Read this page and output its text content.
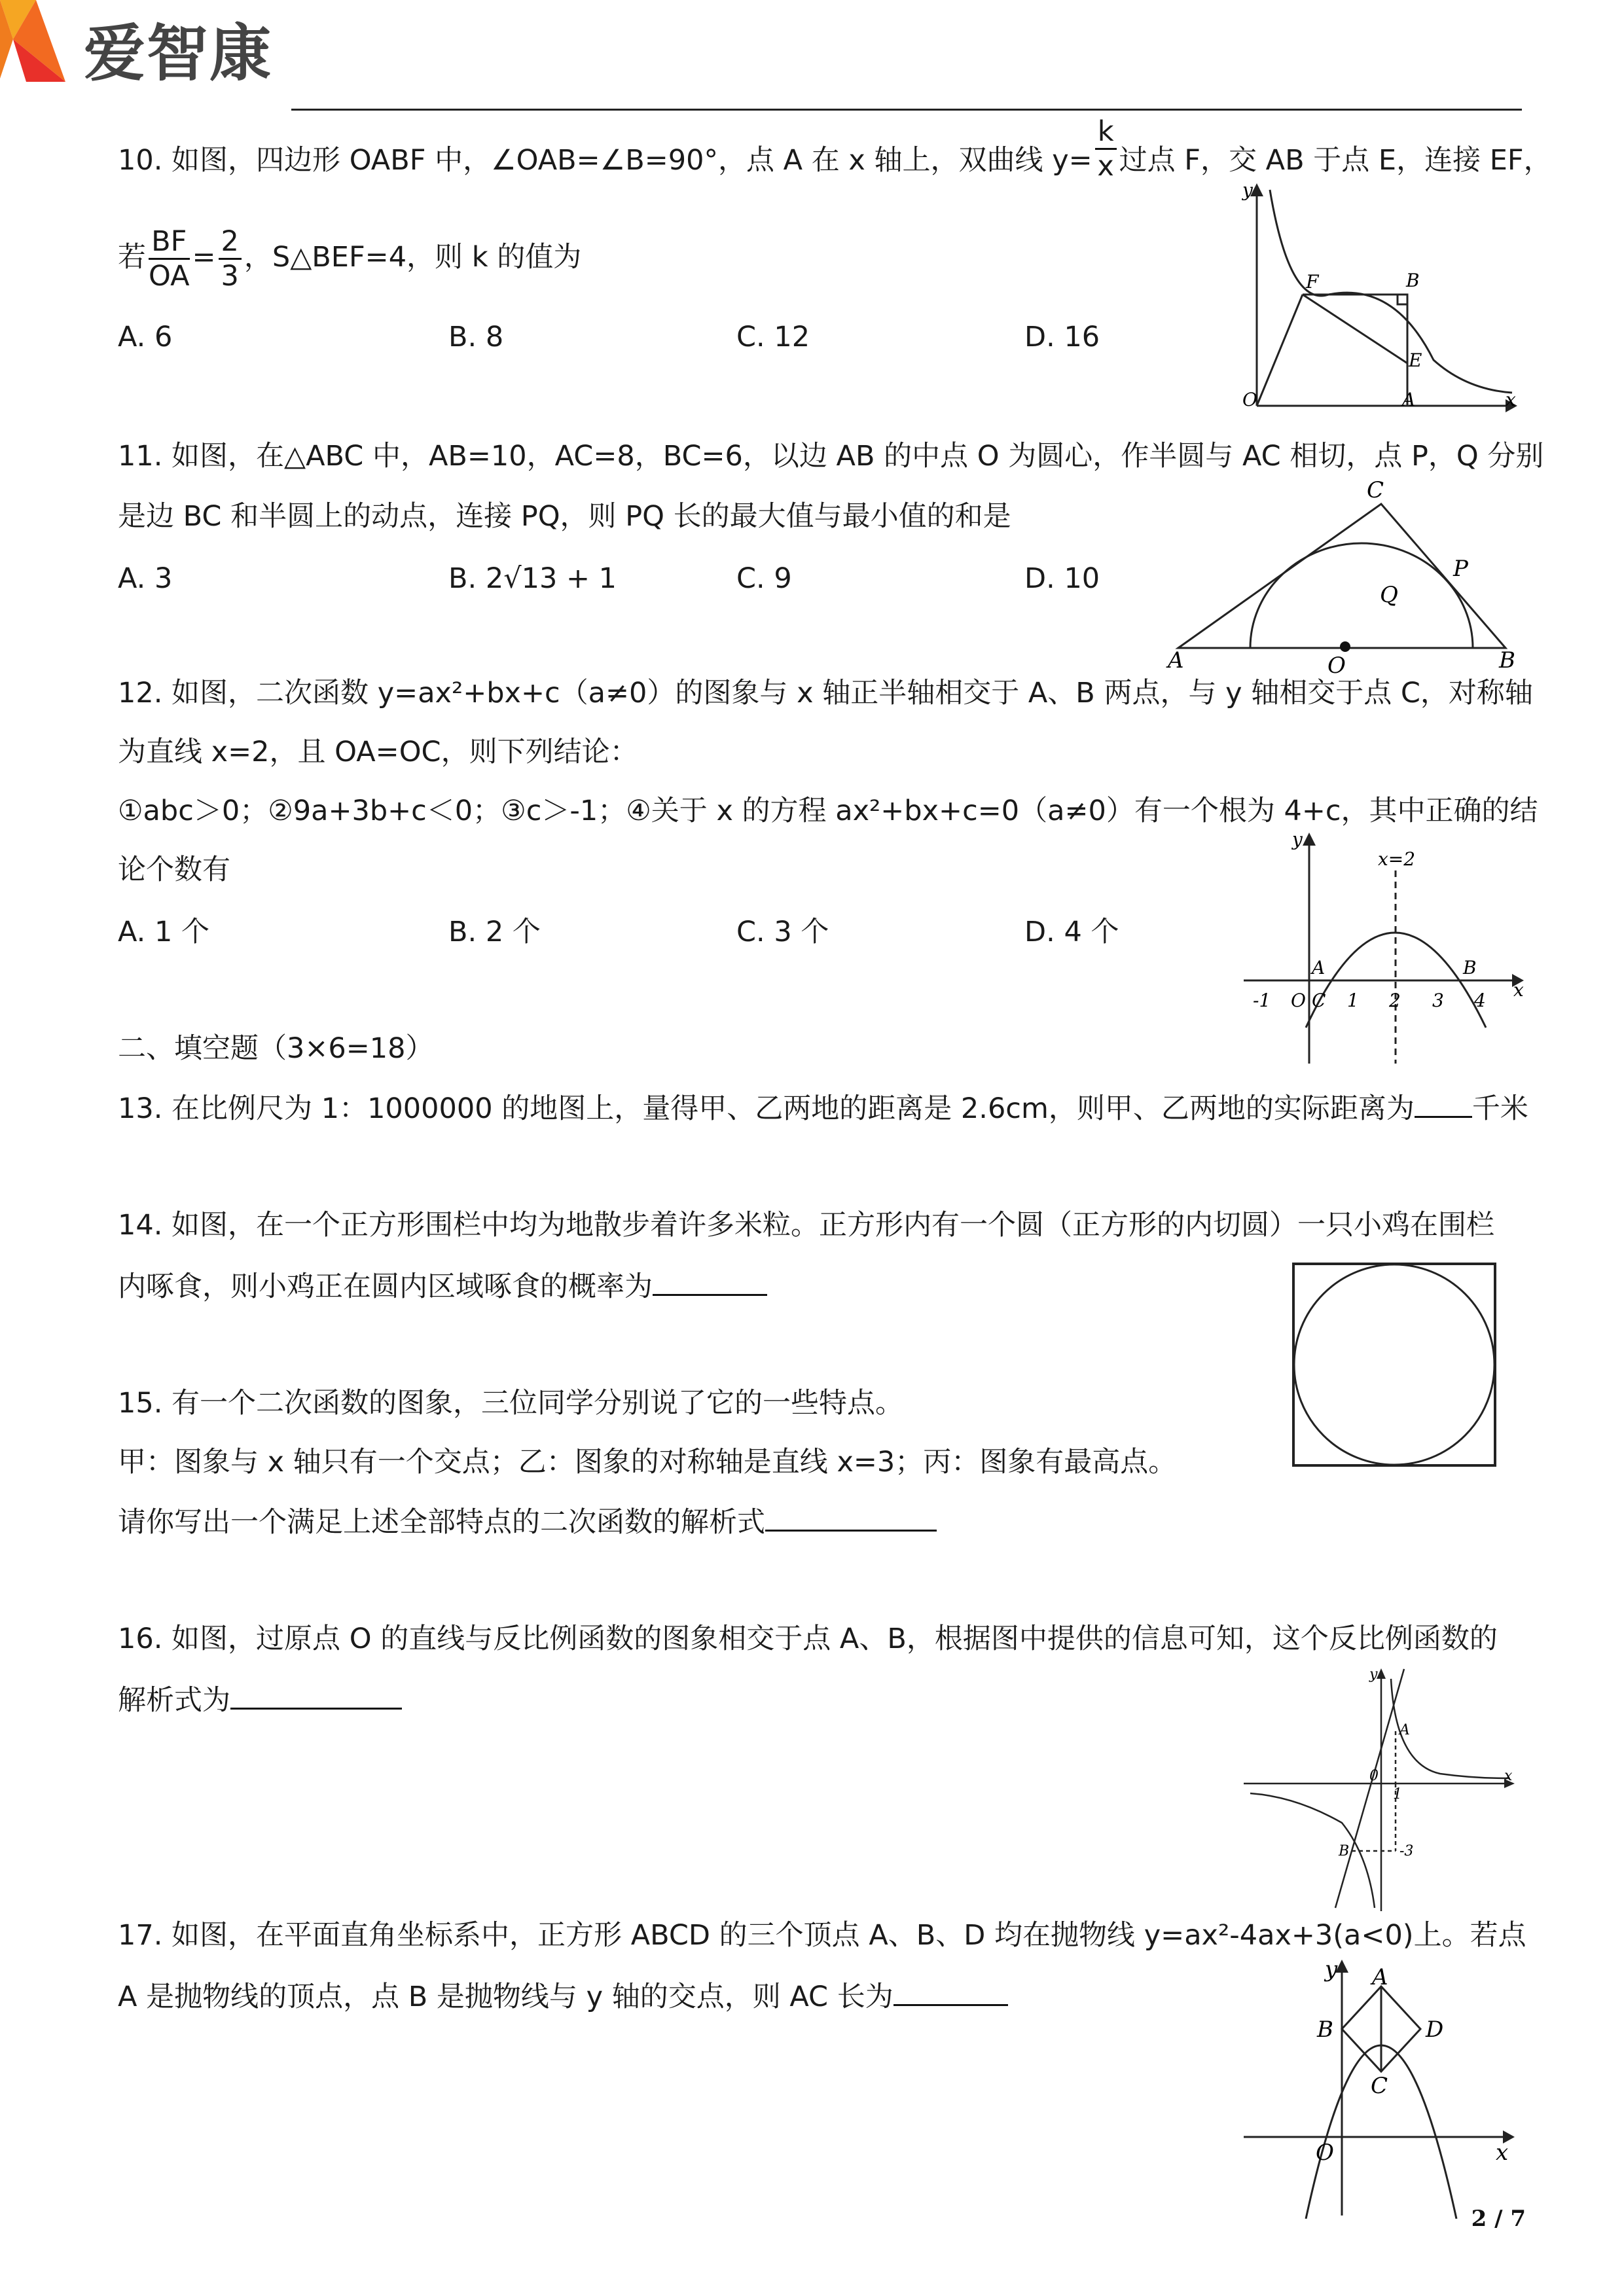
爱智康
10. 如图，四边形 OABF 中，∠OAB=∠B=90°，点 A 在 x 轴上，双曲线 $y= \frac{k}{x}$ 过点 F，交 AB 于点 E，连接 EF，
若 $\frac{BF}{OA} = \frac{2}{3}$ ，S△BEF=4，则 k 的值为
A. 6	B. 8	C. 12	D. 16
y
F	B
E
O	A	x
11. 如图，在△ABC 中，AB=10，AC=8，BC=6，以边 AB 的中点 O 为圆心，作半圆与 AC 相切，点 P，Q 分别
是边 BC 和半圆上的动点，连接 PQ，则 PQ 长的最大值与最小值的和是
A. 3	B. 2√13 + 1	C. 9	D. 10
C
P
Q
A	O	B
12. 如图，二次函数 y=ax²+bx+c（a≠0）的图象与 x 轴正半轴相交于 A、B 两点，与 y 轴相交于点 C，对称轴
为直线 x=2，且 OA=OC，则下列结论：
①abc＞0；②9a+3b+c＜0；③c＞-1；④关于 x 的方程 ax²+bx+c=0（a≠0）有一个根为 4+c，其中正确的结
论个数有
A. 1 个	B. 2 个	C. 3 个	D. 4 个
y
x=2
A	B
-1 O C 1 2 3 4 x
二、填空题（3×6=18）
13. 在比例尺为 1：1000000 的地图上，量得甲、乙两地的距离是 2.6cm，则甲、乙两地的实际距离为 千米
14. 如图，在一个正方形围栏中均为地散步着许多米粒。正方形内有一个圆（正方形的内切圆）一只小鸡在围栏
内啄食，则小鸡正在圆内区域啄食的概率为
15. 有一个二次函数的图象，三位同学分别说了它的一些特点。
甲：图象与 x 轴只有一个交点；乙：图象的对称轴是直线 x=3；丙：图象有最高点。
请你写出一个满足上述全部特点的二次函数的解析式
16. 如图，过原点 O 的直线与反比例函数的图象相交于点 A、B，根据图中提供的信息可知，这个反比例函数的
解析式为
y
A
0
1
x
B	-3
17. 如图，在平面直角坐标系中，正方形 ABCD 的三个顶点 A、B、D 均在抛物线 y=ax²-4ax+3(a<0)上。若点
A 是抛物线的顶点，点 B 是抛物线与 y 轴的交点，则 AC 长为
y A
B	D
C
O	x
2 / 7
